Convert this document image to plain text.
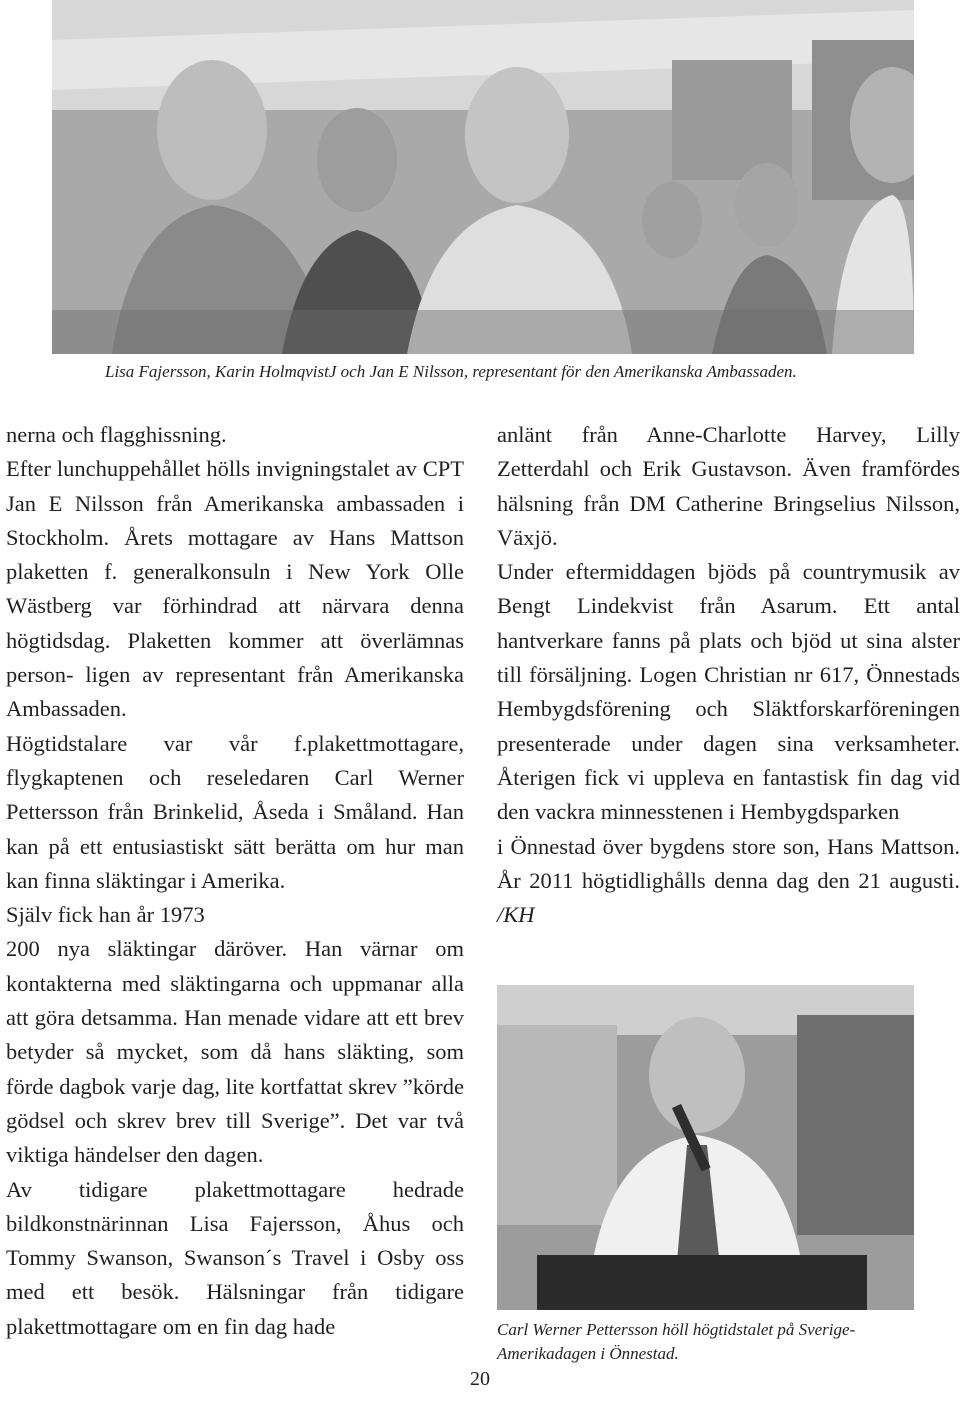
Lisa Fajersson, Karin HolmqvistJ och Jan E Nilsson, representant för den Amerikanska Ambassaden.

nerna och flagghissning.

Efter lunchuppehållet hölls invigningstalet av CPT Jan E Nilsson från Amerikanska ambassaden i Stockholm. Årets mottagare av Hans Mattson plaketten f. generalkonsuln i New York Olle Wästberg var förhindrad att närvara denna högtidsdag. Plaketten kommer att överlämnas person- ligen av representant från Amerikanska Ambassaden.

Högtidstalare var vår f.plakettmottagare, flygkaptenen och reseledaren Carl Werner Pettersson från Brinkelid, Åseda i Småland. Han kan på ett entusiastiskt sätt berätta om hur man kan finna släktingar i Amerika.

Själv fick han år 1973

200 nya släktingar däröver. Han värnar om kontakterna med släktingarna och uppmanar alla att göra detsamma. Han menade vidare att ett brev betyder så mycket, som då hans släkting, som förde dagbok varje dag, lite kortfattat skrev ”körde gödsel och skrev brev till Sverige”. Det var två viktiga händelser den dagen.

Av tidigare plakettmottagare hedrade bildkonstnärinnan Lisa Fajersson, Åhus och Tommy Swanson, Swanson´s Travel i Osby oss med ett besök. Hälsningar från tidigare plakettmottagare om en fin dag hade

anlänt från Anne-Charlotte Harvey, Lilly Zetterdahl och Erik Gustavson. Även framfördes hälsning från DM Catherine Bringselius Nilsson, Växjö.

Under eftermiddagen bjöds på countrymusik av Bengt Lindekvist från Asarum. Ett antal hantverkare fanns på plats och bjöd ut sina alster till försäljning. Logen Christian nr 617, Önnestads Hembygdsförening och Släktforskarföreningen presenterade under dagen sina verksamheter. Återigen fick vi uppleva en fantastisk fin dag vid den vackra minnesstenen i Hembygdsparken

i Önnestad över bygdens store son, Hans Mattson. År 2011 högtidlighålls denna dag den 21 augusti. /KH

Carl Werner Pettersson höll högtidstalet på Sverige-Amerikadagen i Önnestad.
20
